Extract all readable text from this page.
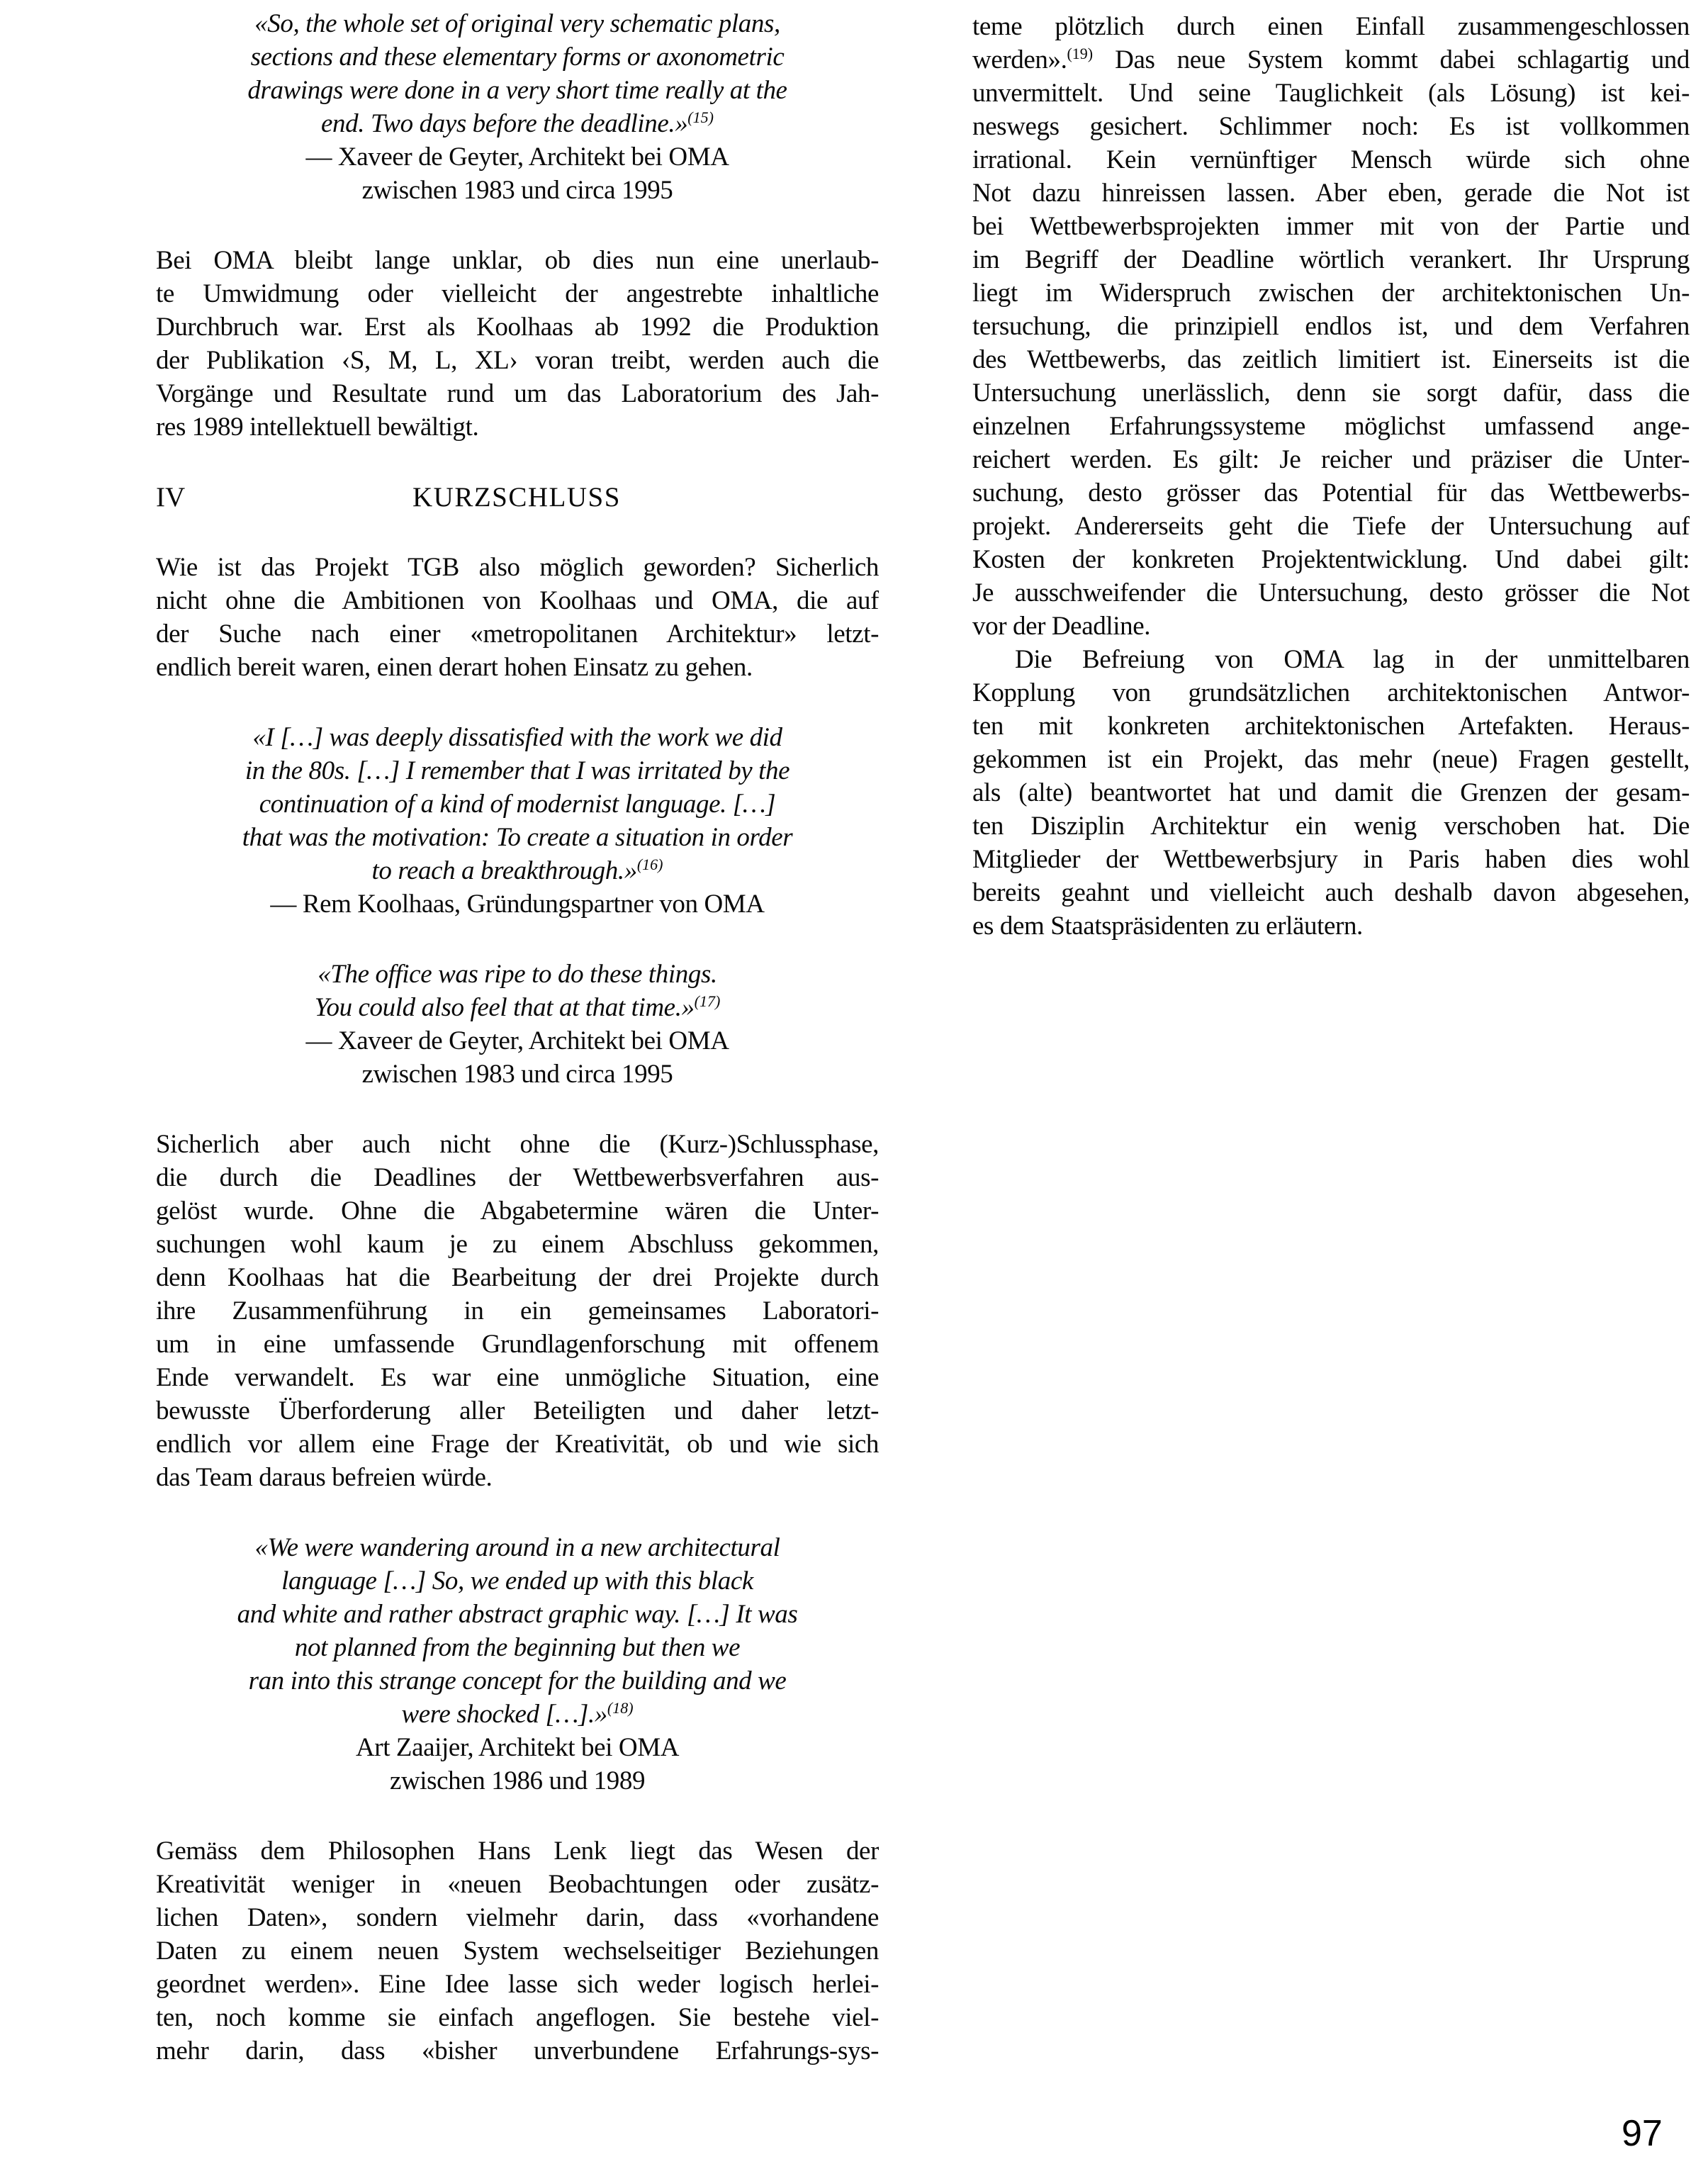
«So, the whole set of original very schematic plans,
sections and these elementary forms or axonometric
drawings were done in a very short time really at the
end. Two days before the deadline.»$^{(15)}$
— Xaveer de Geyter, Architekt bei OMA
zwischen 1983 und circa 1995
Bei OMA bleibt lange unklar, ob dies nun eine unerlaub-
te Umwidmung oder vielleicht der angestrebte inhaltliche
Durchbruch war. Erst als Koolhaas ab 1992 die Produktion
der Publikation ‹S, M, L, XL› voran treibt, werden auch die
Vorgänge und Resultate rund um das Laboratorium des Jah-
res 1989 intellektuell bewältigt.
IV	KURZSCHLUSS
Wie ist das Projekt TGB also möglich geworden? Sicherlich
nicht ohne die Ambitionen von Koolhaas und OMA, die auf
der Suche nach einer «metropolitanen Architektur» letzt-
endlich bereit waren, einen derart hohen Einsatz zu gehen.
«I […] was deeply dissatisfied with the work we did
in the 80s. […] I remember that I was irritated by the
continuation of a kind of modernist language. […]
that was the motivation: To create a situation in order
to reach a breakthrough.»$^{(16)}$
— Rem Koolhaas, Gründungspartner von OMA
«The office was ripe to do these things.
You could also feel that at that time.»$^{(17)}$
— Xaveer de Geyter, Architekt bei OMA
zwischen 1983 und circa 1995
Sicherlich aber auch nicht ohne die (Kurz-)Schlussphase,
die durch die Deadlines der Wettbewerbsverfahren aus-
gelöst wurde. Ohne die Abgabetermine wären die Unter-
suchungen wohl kaum je zu einem Abschluss gekommen,
denn Koolhaas hat die Bearbeitung der drei Projekte durch
ihre Zusammenführung in ein gemeinsames Laboratori-
um in eine umfassende Grundlagenforschung mit offenem
Ende verwandelt. Es war eine unmögliche Situation, eine
bewusste Überforderung aller Beteiligten und daher letzt-
endlich vor allem eine Frage der Kreativität, ob und wie sich
das Team daraus befreien würde.
«We were wandering around in a new architectural
language […] So, we ended up with this black
and white and rather abstract graphic way. […] It was
not planned from the beginning but then we
ran into this strange concept for the building and we
were shocked […].»$^{(18)}$
Art Zaaijer, Architekt bei OMA
zwischen 1986 und 1989
Gemäss dem Philosophen Hans Lenk liegt das Wesen der
Kreativität weniger in «neuen Beobachtungen oder zusätz-
lichen Daten», sondern vielmehr darin, dass «vorhandene
Daten zu einem neuen System wechselseitiger Beziehungen
geordnet werden». Eine Idee lasse sich weder logisch herlei-
ten, noch komme sie einfach angeflogen. Sie bestehe viel-
mehr darin, dass «bisher unverbundene Erfahrungs-sys-
teme plötzlich durch einen Einfall zusammengeschlossen
werden».$^{(19)}$ Das neue System kommt dabei schlagartig und
unvermittelt. Und seine Tauglichkeit (als Lösung) ist kei-
neswegs gesichert. Schlimmer noch: Es ist vollkommen
irrational. Kein vernünftiger Mensch würde sich ohne
Not dazu hinreissen lassen. Aber eben, gerade die Not ist
bei Wettbewerbsprojekten immer mit von der Partie und
im Begriff der Deadline wörtlich verankert. Ihr Ursprung
liegt im Widerspruch zwischen der architektonischen Un-
tersuchung, die prinzipiell endlos ist, und dem Verfahren
des Wettbewerbs, das zeitlich limitiert ist. Einerseits ist die
Untersuchung unerlässlich, denn sie sorgt dafür, dass die
einzelnen Erfahrungssysteme möglichst umfassend ange-
reichert werden. Es gilt: Je reicher und präziser die Unter-
suchung, desto grösser das Potential für das Wettbewerbs-
projekt. Andererseits geht die Tiefe der Untersuchung auf
Kosten der konkreten Projektentwicklung. Und dabei gilt:
Je ausschweifender die Untersuchung, desto grösser die Not
vor der Deadline.
Die Befreiung von OMA lag in der unmittelbaren
Kopplung von grundsätzlichen architektonischen Antwor-
ten mit konkreten architektonischen Artefakten. Heraus-
gekommen ist ein Projekt, das mehr (neue) Fragen gestellt,
als (alte) beantwortet hat und damit die Grenzen der gesam-
ten Disziplin Architektur ein wenig verschoben hat. Die
Mitglieder der Wettbewerbsjury in Paris haben dies wohl
bereits geahnt und vielleicht auch deshalb davon abgesehen,
es dem Staatspräsidenten zu erläutern.
97
